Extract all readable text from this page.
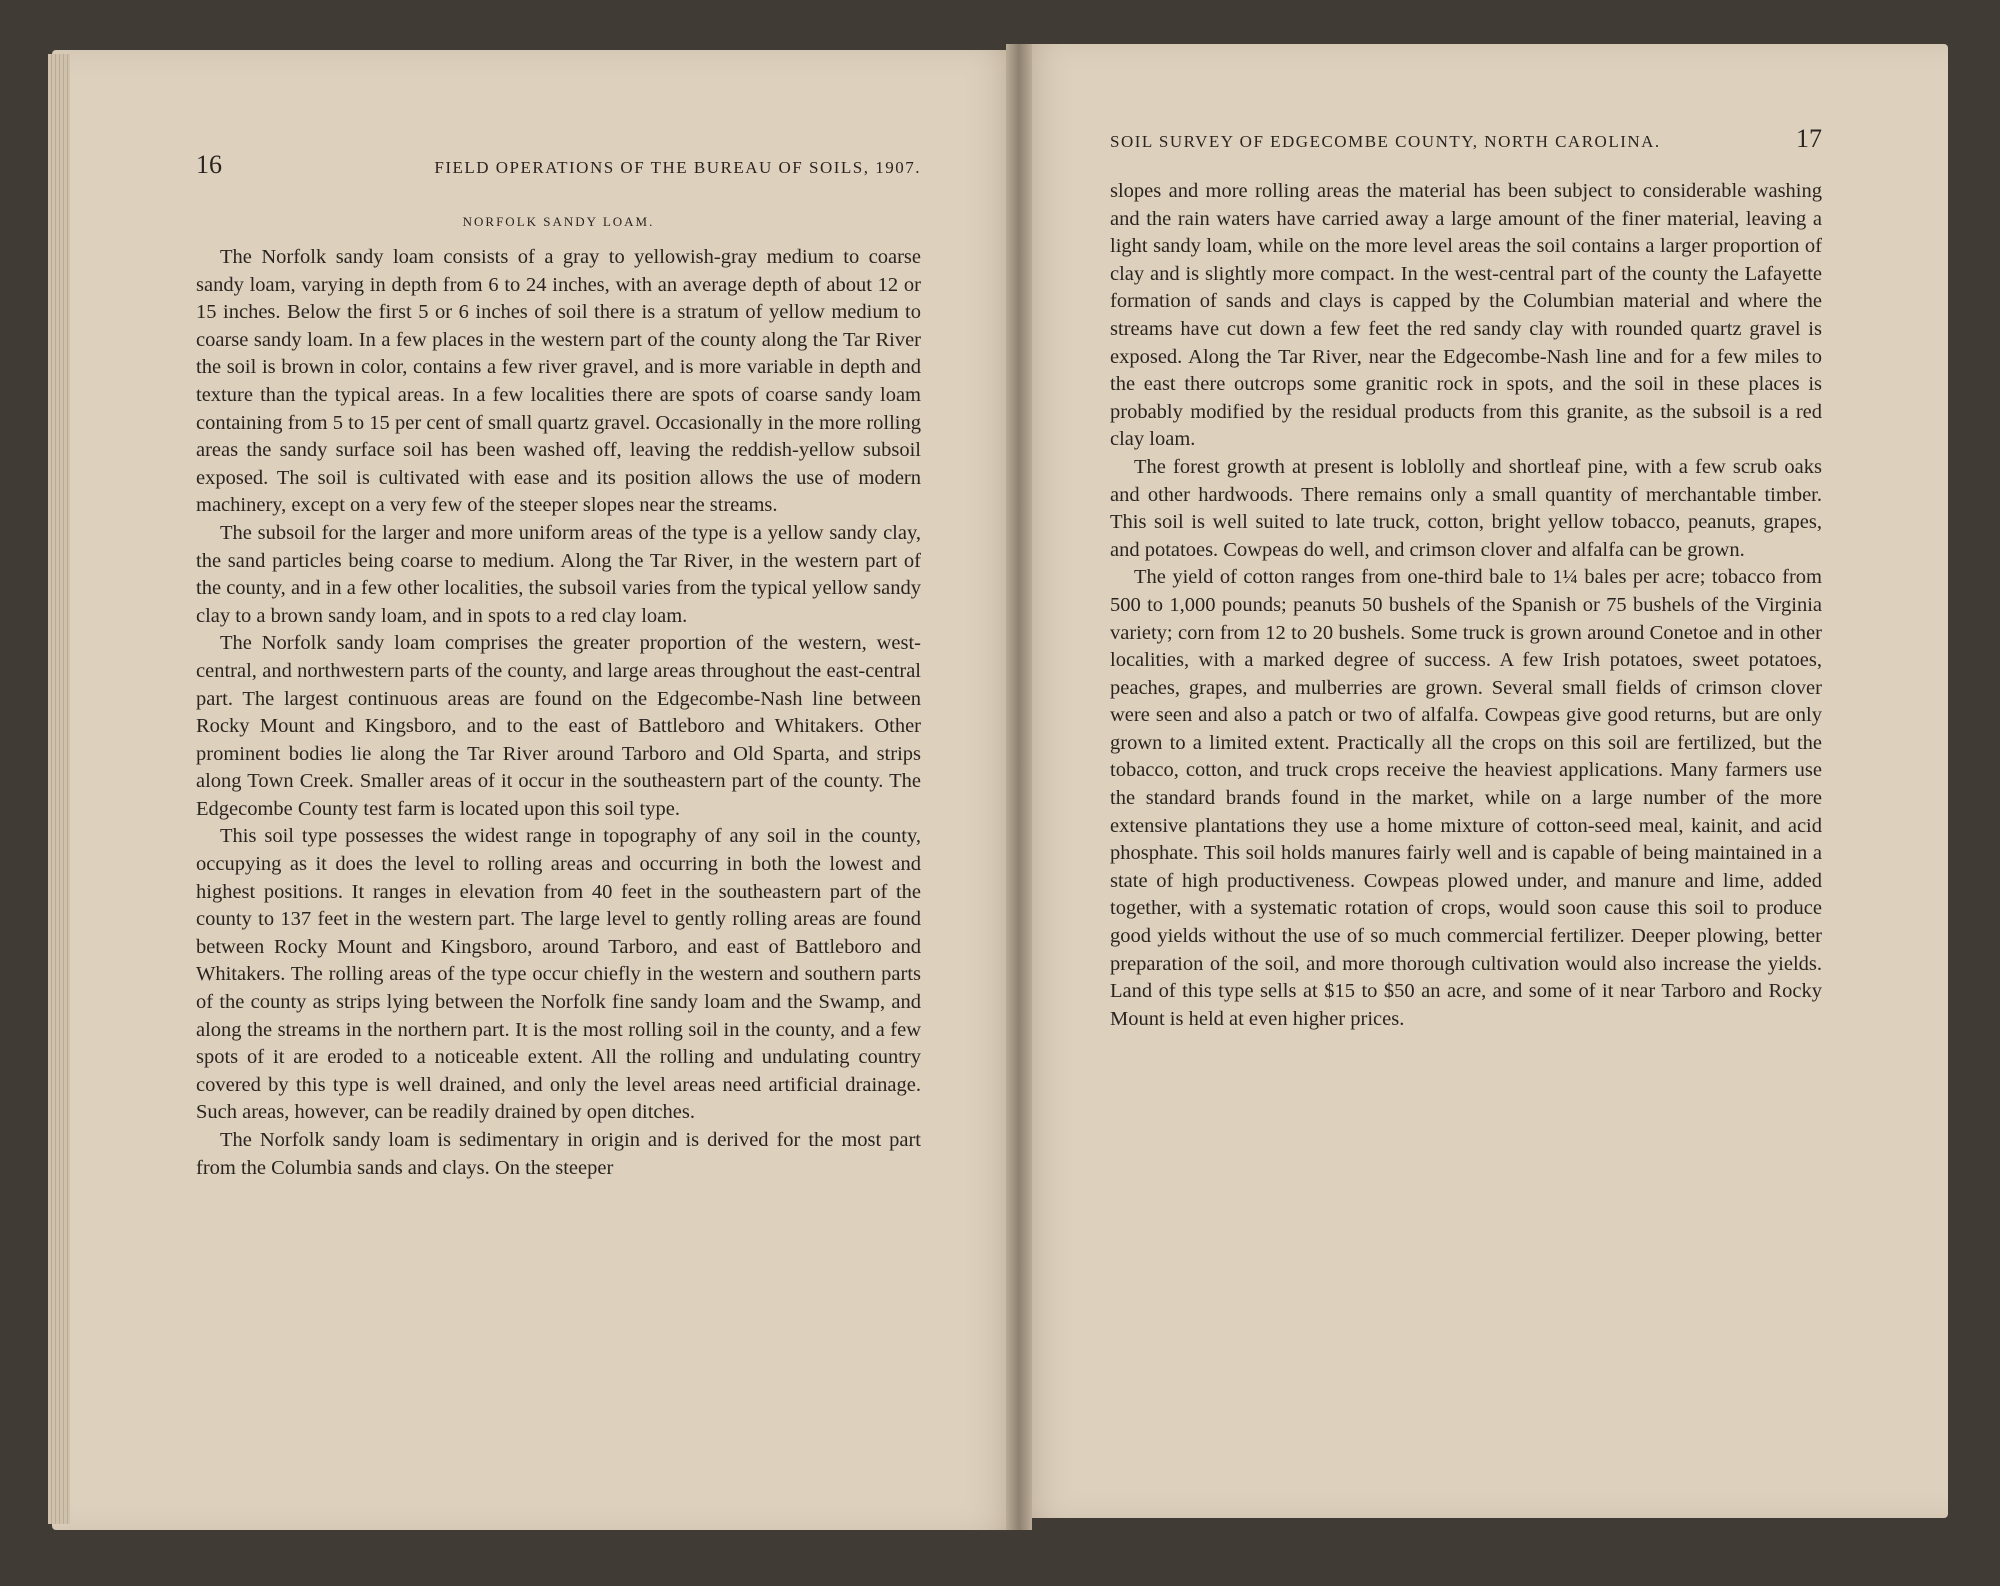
16	FIELD OPERATIONS OF THE BUREAU OF SOILS, 1907.
NORFOLK SANDY LOAM.

The Norfolk sandy loam consists of a gray to yellowish-gray medium to coarse sandy loam, varying in depth from 6 to 24 inches, with an average depth of about 12 or 15 inches. Below the first 5 or 6 inches of soil there is a stratum of yellow medium to coarse sandy loam. In a few places in the western part of the county along the Tar River the soil is brown in color, contains a few river gravel, and is more variable in depth and texture than the typical areas. In a few localities there are spots of coarse sandy loam containing from 5 to 15 per cent of small quartz gravel. Occasionally in the more rolling areas the sandy surface soil has been washed off, leaving the reddish-yellow subsoil exposed. The soil is cultivated with ease and its position allows the use of modern machinery, except on a very few of the steeper slopes near the streams.

The subsoil for the larger and more uniform areas of the type is a yellow sandy clay, the sand particles being coarse to medium. Along the Tar River, in the western part of the county, and in a few other localities, the subsoil varies from the typical yellow sandy clay to a brown sandy loam, and in spots to a red clay loam.

The Norfolk sandy loam comprises the greater proportion of the western, west-central, and northwestern parts of the county, and large areas throughout the east-central part. The largest continuous areas are found on the Edgecombe-Nash line between Rocky Mount and Kingsboro, and to the east of Battleboro and Whitakers. Other prominent bodies lie along the Tar River around Tarboro and Old Sparta, and strips along Town Creek. Smaller areas of it occur in the southeastern part of the county. The Edgecombe County test farm is located upon this soil type.

This soil type possesses the widest range in topography of any soil in the county, occupying as it does the level to rolling areas and occurring in both the lowest and highest positions. It ranges in elevation from 40 feet in the southeastern part of the county to 137 feet in the western part. The large level to gently rolling areas are found between Rocky Mount and Kingsboro, around Tarboro, and east of Battleboro and Whitakers. The rolling areas of the type occur chiefly in the western and southern parts of the county as strips lying between the Norfolk fine sandy loam and the Swamp, and along the streams in the northern part. It is the most rolling soil in the county, and a few spots of it are eroded to a noticeable extent. All the rolling and undulating country covered by this type is well drained, and only the level areas need artificial drainage. Such areas, however, can be readily drained by open ditches.

The Norfolk sandy loam is sedimentary in origin and is derived for the most part from the Columbia sands and clays. On the steeper

SOIL SURVEY OF EDGECOMBE COUNTY, NORTH CAROLINA.	17

slopes and more rolling areas the material has been subject to considerable washing and the rain waters have carried away a large amount of the finer material, leaving a light sandy loam, while on the more level areas the soil contains a larger proportion of clay and is slightly more compact. In the west-central part of the county the Lafayette formation of sands and clays is capped by the Columbian material and where the streams have cut down a few feet the red sandy clay with rounded quartz gravel is exposed. Along the Tar River, near the Edgecombe-Nash line and for a few miles to the east there outcrops some granitic rock in spots, and the soil in these places is probably modified by the residual products from this granite, as the subsoil is a red clay loam.

The forest growth at present is loblolly and shortleaf pine, with a few scrub oaks and other hardwoods. There remains only a small quantity of merchantable timber. This soil is well suited to late truck, cotton, bright yellow tobacco, peanuts, grapes, and potatoes. Cowpeas do well, and crimson clover and alfalfa can be grown.

The yield of cotton ranges from one-third bale to 1¼ bales per acre; tobacco from 500 to 1,000 pounds; peanuts 50 bushels of the Spanish or 75 bushels of the Virginia variety; corn from 12 to 20 bushels. Some truck is grown around Conetoe and in other localities, with a marked degree of success. A few Irish potatoes, sweet potatoes, peaches, grapes, and mulberries are grown. Several small fields of crimson clover were seen and also a patch or two of alfalfa. Cowpeas give good returns, but are only grown to a limited extent. Practically all the crops on this soil are fertilized, but the tobacco, cotton, and truck crops receive the heaviest applications. Many farmers use the standard brands found in the market, while on a large number of the more extensive plantations they use a home mixture of cotton-seed meal, kainit, and acid phosphate. This soil holds manures fairly well and is capable of being maintained in a state of high productiveness. Cowpeas plowed under, and manure and lime, added together, with a systematic rotation of crops, would soon cause this soil to produce good yields without the use of so much commercial fertilizer. Deeper plowing, better preparation of the soil, and more thorough cultivation would also increase the yields. Land of this type sells at $15 to $50 an acre, and some of it near Tarboro and Rocky Mount is held at even higher prices.
